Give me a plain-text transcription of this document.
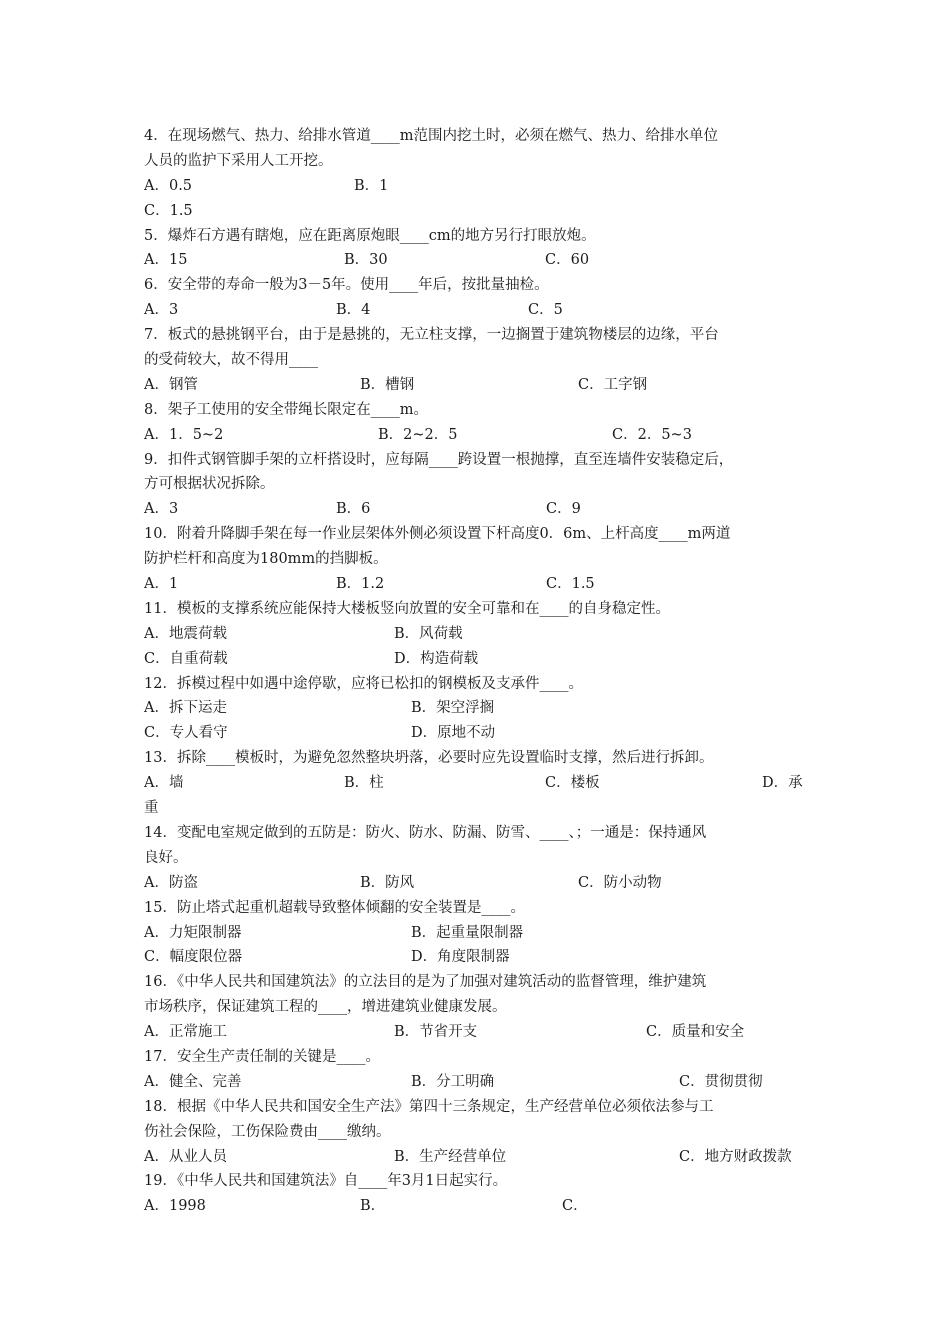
4．在现场燃气、热力、给排水管道____m范围内挖土时，必须在燃气、热力、给排水单位
人员的监护下采用人工开挖。

A．0.5

	B．1

C．1.5

5．爆炸石方遇有瞎炮，应在距离原炮眼____cm的地方另行打眼放炮。

A．15

	B．30

	C．60

6．安全带的寿命一般为3－5年。使用____年后，按批量抽检。

A．3

	B．4

	C．5

7．板式的悬挑钢平台，由于是悬挑的，无立柱支撑，一边搁置于建筑物楼层的边缘，平台
的受荷较大，故不得用____

A．钢管

	B．槽钢

	C．工字钢

8．架子工使用的安全带绳长限定在____m。

A．1．5~2

	B．2~2．5

	C．2．5~3

9．扣件式钢管脚手架的立杆搭设时，应每隔____跨设置一根抛撑，直至连墙件安装稳定后，
方可根据状况拆除。

A．3

	B．6

	C．9

10．附着升降脚手架在每一作业层架体外侧必须设置下杆高度0．6m、上杆高度____m两道
防护栏杆和高度为180mm的挡脚板。

A．1

	B．1.2

	C．1.5

11．模板的支撑系统应能保持大楼板竖向放置的安全可靠和在____的自身稳定性。

A．地震荷载

	B．风荷载

C．自重荷载

	D．构造荷载

12．拆模过程中如遇中途停歇，应将已松扣的钢模板及支承件____。

A．拆下运走

	B．架空浮搁

C．专人看守

	D．原地不动

13．拆除____模板时，为避免忽然整块坍落，必要时应先设置临时支撑，然后进行拆卸。

A．墙

	B．柱

	C．楼板

	D．承

重
14．变配电室规定做到的五防是：防火、防水、防漏、防雪、____、；一通是：保持通风
良好。

A．防盗

	B．防风

	C．防小动物

15．防止塔式起重机超载导致整体倾翻的安全装置是____。

A．力矩限制器

	B．起重量限制器

C．幅度限位器

	D．角度限制器

16．《中华人民共和国建筑法》的立法目的是为了加强对建筑活动的监督管理，维护建筑
市场秩序，保证建筑工程的____，增进建筑业健康发展。

A．正常施工

	B．节省开支

	C．质量和安全

17．安全生产责任制的关键是____。

A．健全、完善

	B．分工明确

	C．贯彻贯彻

18．根据《中华人民共和国安全生产法》第四十三条规定，生产经营单位必须依法参与工
伤社会保险，工伤保险费由____缴纳。

A．从业人员

	B．生产经营单位

	C．地方财政拨款

19．《中华人民共和国建筑法》自____年3月1日起实行。

A．1998

	B．

	C．
